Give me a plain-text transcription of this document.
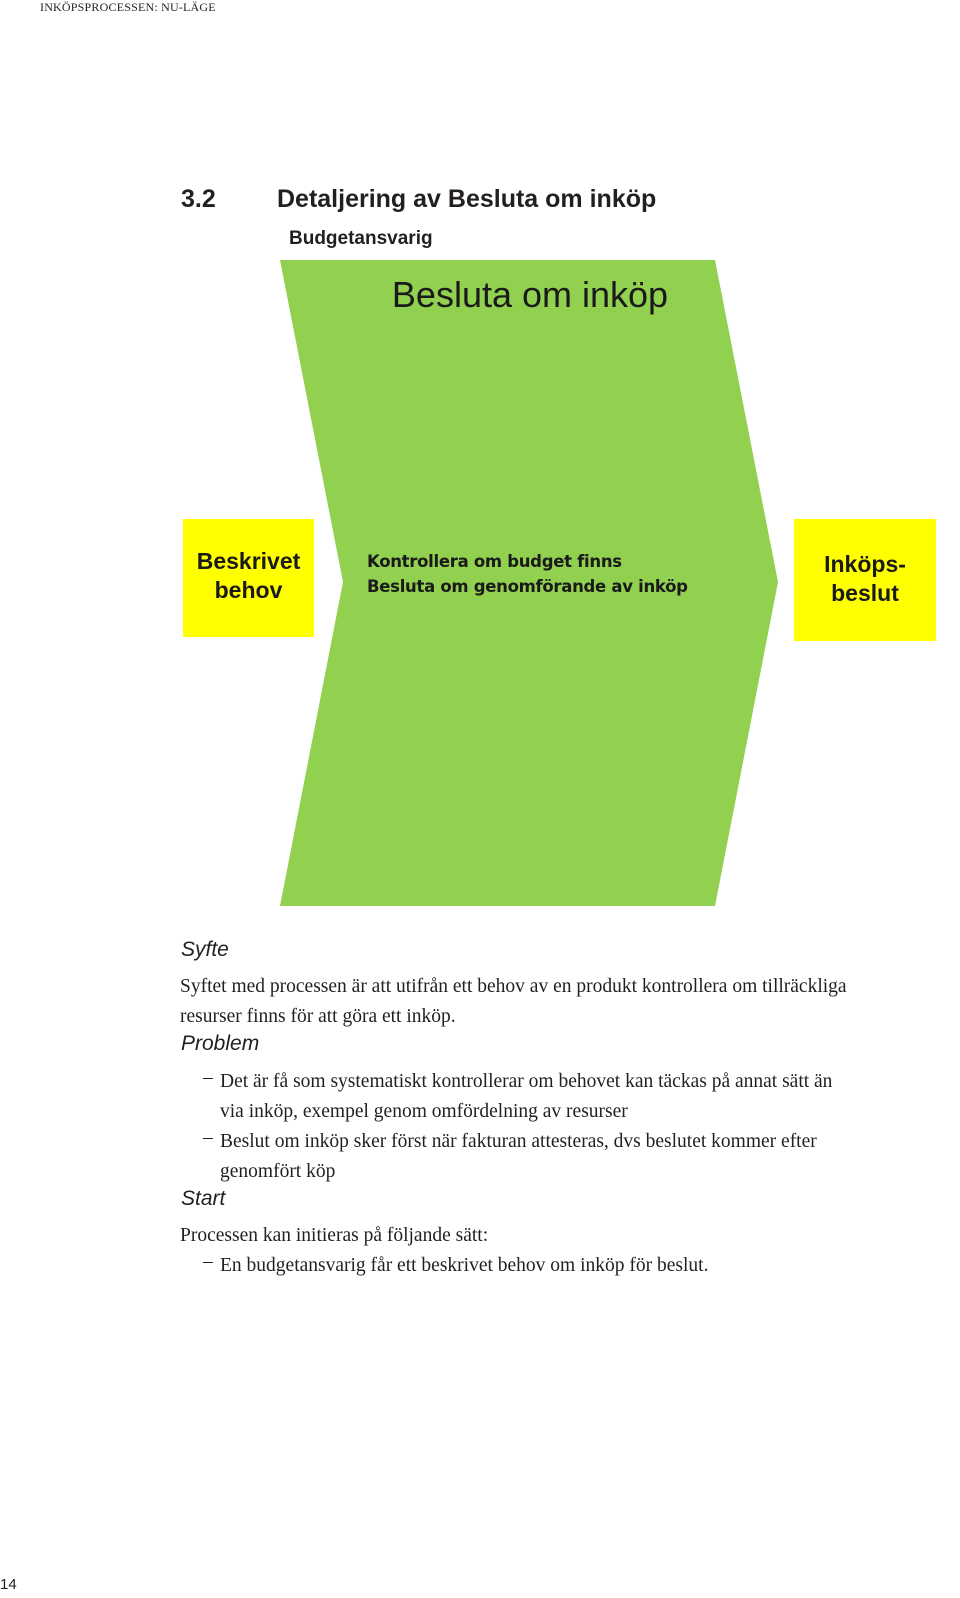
INKÖPSPROCESSEN: NU-LÄGE
3.2 Detaljering av Besluta om inköp
Budgetansvarig
Besluta om inköp
Kontrollera om budget finns
Besluta om genomförande av inköp
Beskrivet
behov
Inköps-
beslut
Syfte
Syftet med processen är att utifrån ett behov av en produkt kontrollera om tillräckliga
resurser finns för att göra ett inköp.
Problem
– Det är få som systematiskt kontrollerar om behovet kan täckas på annat sätt än
via inköp, exempel genom omfördelning av resurser
– Beslut om inköp sker först när fakturan attesteras, dvs beslutet kommer efter
genomfört köp
Start
Processen kan initieras på följande sätt:
– En budgetansvarig får ett beskrivet behov om inköp för beslut.
14
